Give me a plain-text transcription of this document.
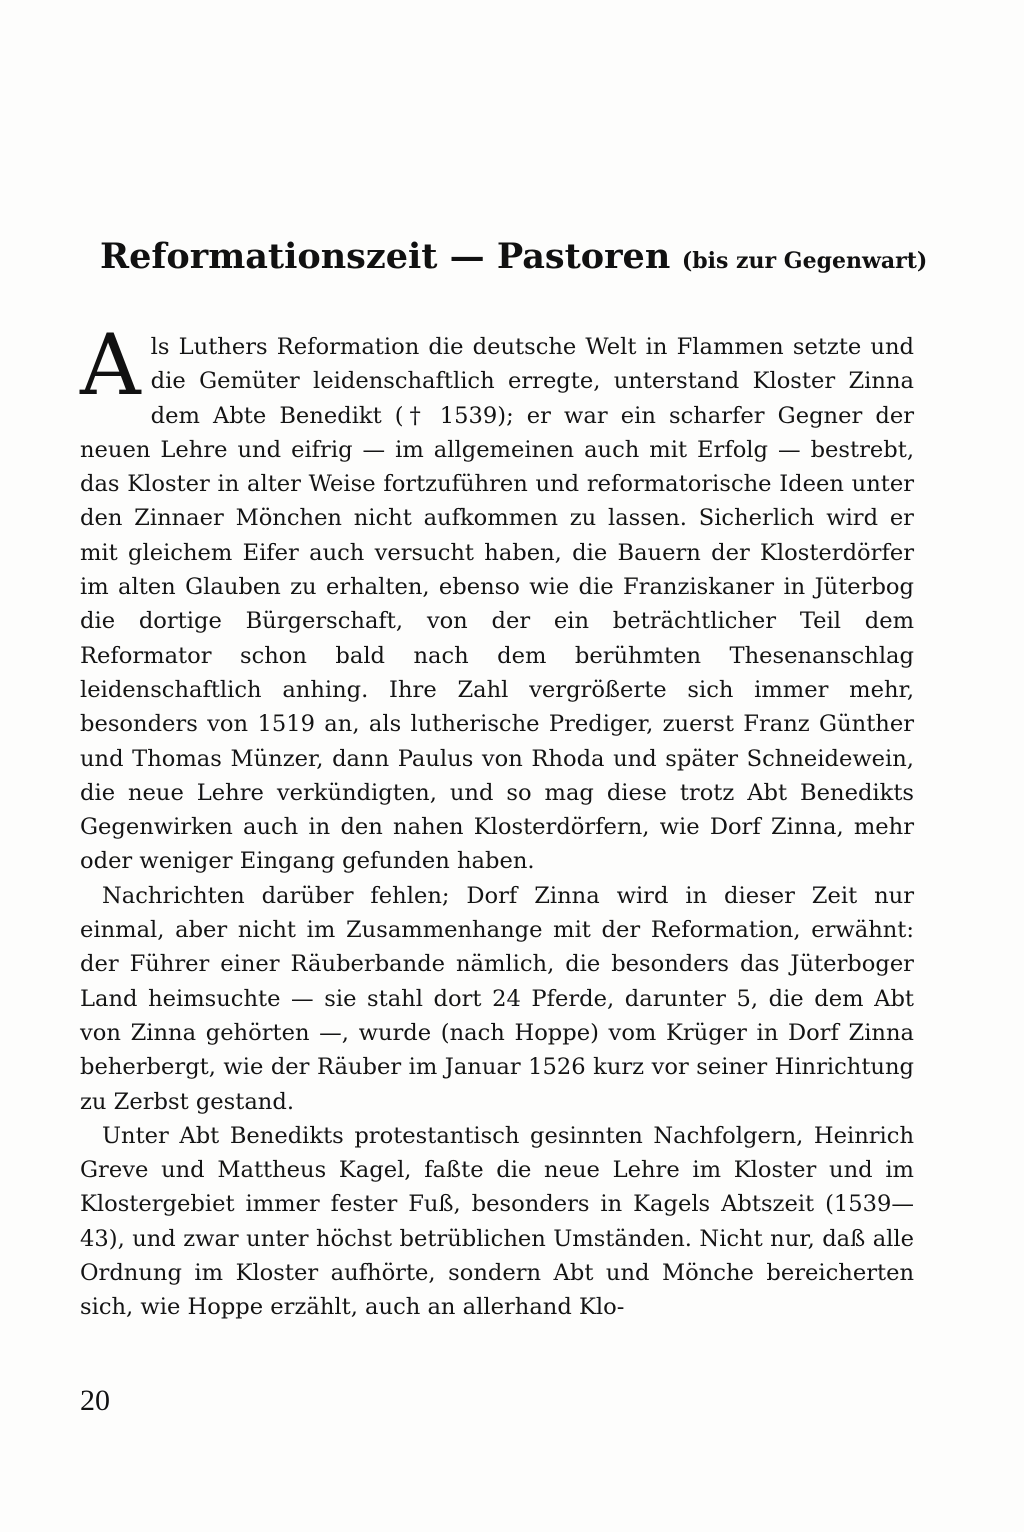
Reformationszeit — Pastoren (bis zur Gegenwart)

Als Luthers Reformation die deutsche Welt in Flammen setzte und die Gemüter leidenschaftlich erregte, unterstand Kloster Zinna dem Abte Benedikt († 1539); er war ein scharfer Gegner der neuen Lehre und eifrig — im allgemeinen auch mit Erfolg — bestrebt, das Kloster in alter Weise fortzuführen und reformatorische Ideen unter den Zinnaer Mönchen nicht aufkommen zu lassen. Sicherlich wird er mit gleichem Eifer auch versucht haben, die Bauern der Klosterdörfer im alten Glauben zu erhalten, ebenso wie die Franziskaner in Jüterbog die dortige Bürgerschaft, von der ein beträchtlicher Teil dem Reformator schon bald nach dem berühmten Thesenanschlag leidenschaftlich anhing. Ihre Zahl vergrößerte sich immer mehr, besonders von 1519 an, als lutherische Prediger, zuerst Franz Günther und Thomas Münzer, dann Paulus von Rhoda und später Schneidewein, die neue Lehre verkündigten, und so mag diese trotz Abt Benedikts Gegenwirken auch in den nahen Klosterdörfern, wie Dorf Zinna, mehr oder weniger Eingang gefunden haben.

Nachrichten darüber fehlen; Dorf Zinna wird in dieser Zeit nur einmal, aber nicht im Zusammenhange mit der Reformation, erwähnt: der Führer einer Räuberbande nämlich, die besonders das Jüterboger Land heimsuchte — sie stahl dort 24 Pferde, darunter 5, die dem Abt von Zinna gehörten —, wurde (nach Hoppe) vom Krüger in Dorf Zinna beherbergt, wie der Räuber im Januar 1526 kurz vor seiner Hinrichtung zu Zerbst gestand.

Unter Abt Benedikts protestantisch gesinnten Nachfolgern, Heinrich Greve und Mattheus Kagel, faßte die neue Lehre im Kloster und im Klostergebiet immer fester Fuß, besonders in Kagels Abtszeit (1539—43), und zwar unter höchst betrüblichen Umständen. Nicht nur, daß alle Ordnung im Kloster aufhörte, sondern Abt und Mönche bereicherten sich, wie Hoppe erzählt, auch an allerhand Klo-

20
